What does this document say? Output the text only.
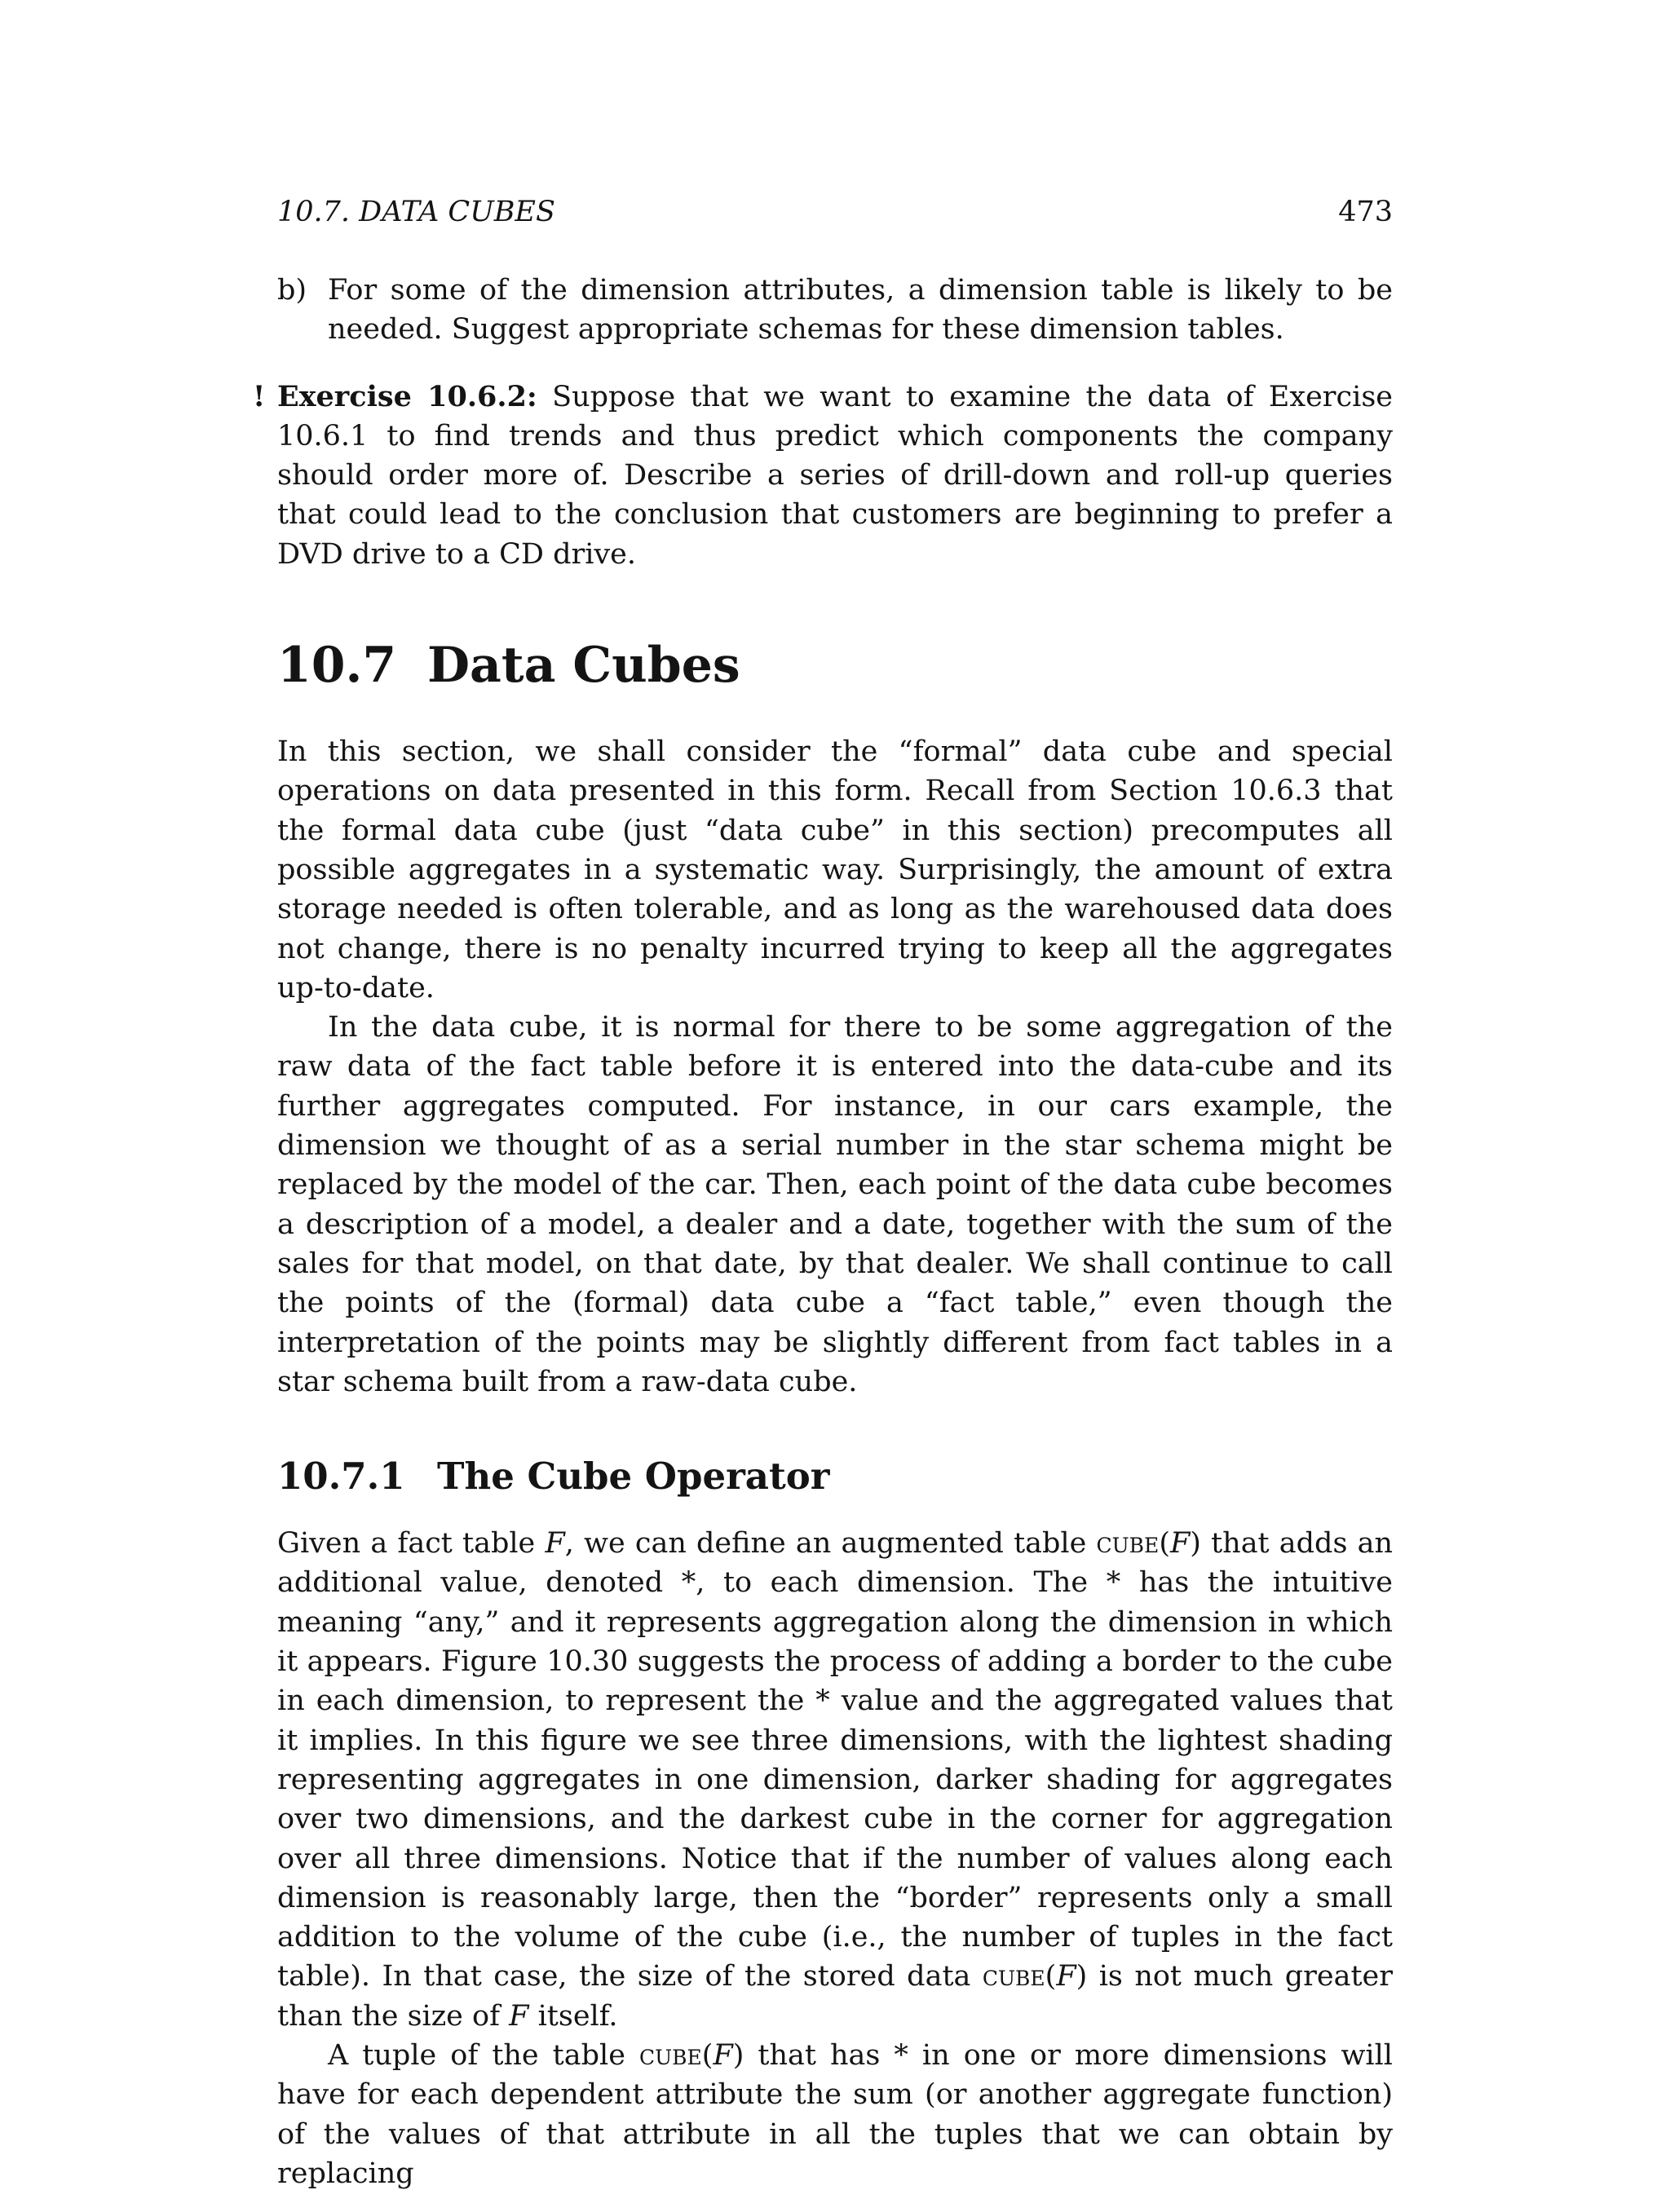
10.7. DATA CUBES	473
b) For some of the dimension attributes, a dimension table is likely to be needed. Suggest appropriate schemas for these dimension tables.

! Exercise 10.6.2: Suppose that we want to examine the data of Exercise 10.6.1 to find trends and thus predict which components the company should order more of. Describe a series of drill-down and roll-up queries that could lead to the conclusion that customers are beginning to prefer a DVD drive to a CD drive.

10.7 Data Cubes

In this section, we shall consider the “formal” data cube and special operations on data presented in this form. Recall from Section 10.6.3 that the formal data cube (just “data cube” in this section) precomputes all possible aggregates in a systematic way. Surprisingly, the amount of extra storage needed is often tolerable, and as long as the warehoused data does not change, there is no penalty incurred trying to keep all the aggregates up-to-date.

In the data cube, it is normal for there to be some aggregation of the raw data of the fact table before it is entered into the data-cube and its further aggregates computed. For instance, in our cars example, the dimension we thought of as a serial number in the star schema might be replaced by the model of the car. Then, each point of the data cube becomes a description of a model, a dealer and a date, together with the sum of the sales for that model, on that date, by that dealer. We shall continue to call the points of the (formal) data cube a “fact table,” even though the interpretation of the points may be slightly different from fact tables in a star schema built from a raw-data cube.

10.7.1 The Cube Operator

Given a fact table F, we can define an augmented table cube(F) that adds an additional value, denoted *, to each dimension. The * has the intuitive meaning “any,” and it represents aggregation along the dimension in which it appears. Figure 10.30 suggests the process of adding a border to the cube in each dimension, to represent the * value and the aggregated values that it implies. In this figure we see three dimensions, with the lightest shading representing aggregates in one dimension, darker shading for aggregates over two dimensions, and the darkest cube in the corner for aggregation over all three dimensions. Notice that if the number of values along each dimension is reasonably large, then the “border” represents only a small addition to the volume of the cube (i.e., the number of tuples in the fact table). In that case, the size of the stored data cube(F) is not much greater than the size of F itself.

A tuple of the table cube(F) that has * in one or more dimensions will have for each dependent attribute the sum (or another aggregate function) of the values of that attribute in all the tuples that we can obtain by replacing
